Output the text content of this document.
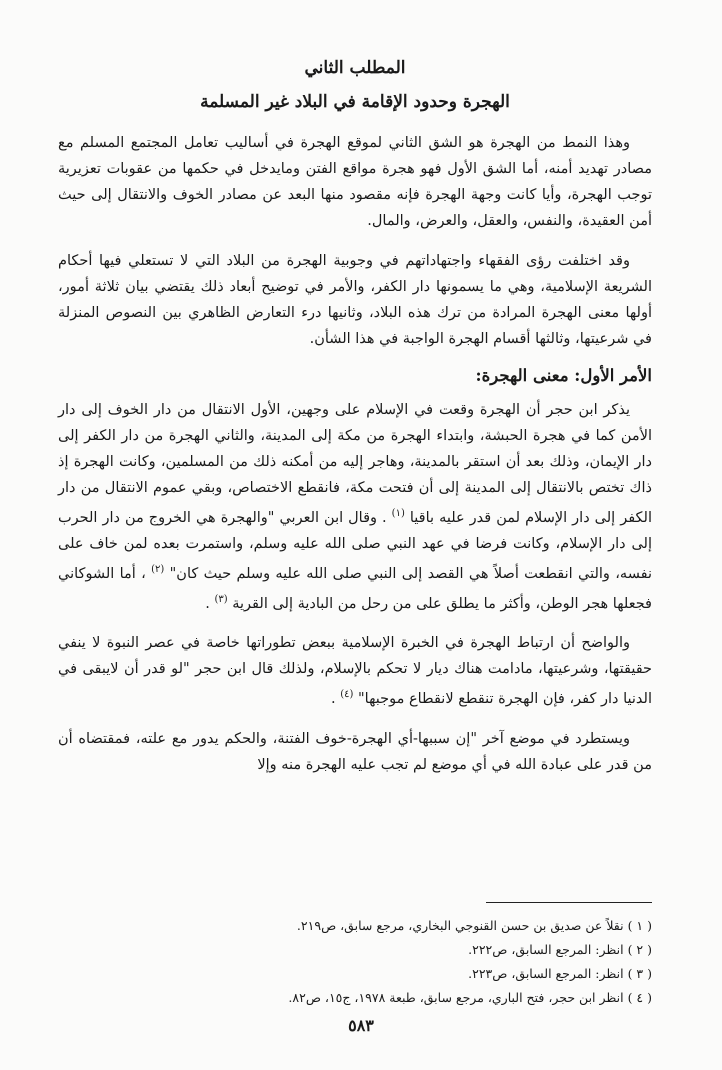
المطلب الثاني
الهجرة وحدود الإقامة في البلاد غير المسلمة

وهذا النمط من الهجرة هو الشق الثاني لموقع الهجرة في أساليب تعامل المجتمع المسلم مع مصادر تهديد أمنه، أما الشق الأول فهو هجرة مواقع الفتن ومايدخل في حكمها من عقوبات تعزيرية توجب الهجرة، وأيا كانت وجهة الهجرة فإنه مقصود منها البعد عن مصادر الخوف والانتقال إلى حيث أمن العقيدة، والنفس، والعقل، والعرض، والمال.

وقد اختلفت رؤى الفقهاء واجتهاداتهم في وجوبية الهجرة من البلاد التي لا تستعلي فيها أحكام الشريعة الإسلامية، وهي ما يسمونها دار الكفر، والأمر في توضيح أبعاد ذلك يقتضي بيان ثلاثة أمور، أولها معنى الهجرة المرادة من ترك هذه البلاد، وثانيها درء التعارض الظاهري بين النصوص المنزلة في شرعيتها، وثالثها أقسام الهجرة الواجبة في هذا الشأن.

الأمر الأول: معنى الهجرة:

يذكر ابن حجر أن الهجرة وقعت في الإسلام على وجهين، الأول الانتقال من دار الخوف إلى دار الأمن كما في هجرة الحبشة، وابتداء الهجرة من مكة إلى المدينة، والثاني الهجرة من دار الكفر إلى دار الإيمان، وذلك بعد أن استقر بالمدينة، وهاجر إليه من أمكنه ذلك من المسلمين، وكانت الهجرة إذ ذاك تختص بالانتقال إلى المدينة إلى أن فتحت مكة، فانقطع الاختصاص، وبقي عموم الانتقال من دار الكفر إلى دار الإسلام لمن قدر عليه باقيا $^{(١)}$ . وقال ابن العربي "والهجرة هي الخروج من دار الحرب إلى دار الإسلام، وكانت فرضا في عهد النبي صلى الله عليه وسلم، واستمرت بعده لمن خاف على نفسه، والتي انقطعت أصلاً هي القصد إلى النبي صلى الله عليه وسلم حيث كان" $^{(٢)}$ ، أما الشوكاني فجعلها هجر الوطن، وأكثر ما يطلق على من رحل من البادية إلى القرية $^{(٣)}$ .

والواضح أن ارتباط الهجرة في الخبرة الإسلامية ببعض تطوراتها خاصة في عصر النبوة لا ينفي حقيقتها، وشرعيتها، مادامت هناك ديار لا تحكم بالإسلام، ولذلك قال ابن حجر "لو قدر أن لايبقى في الدنيا دار كفر، فإن الهجرة تنقطع لانقطاع موجبها" $^{(٤)}$ .

ويستطرد في موضع آخر "إن سببها-أي الهجرة-خوف الفتنة، والحكم يدور مع علته، فمقتضاه أن من قدر على عبادة الله في أي موضع لم تجب عليه الهجرة منه وإلا

( ١ ) نقلاً عن صديق بن حسن القنوجي البخاري، مرجع سابق، ص٢١٩.

( ٢ ) انظر: المرجع السابق، ص٢٢٢.

( ٣ ) انظر: المرجع السابق، ص٢٢٣.

( ٤ ) انظر ابن حجر، فتح الباري، مرجع سابق، طبعة ١٩٧٨، ج١٥، ص٨٢.

٥٨٣
